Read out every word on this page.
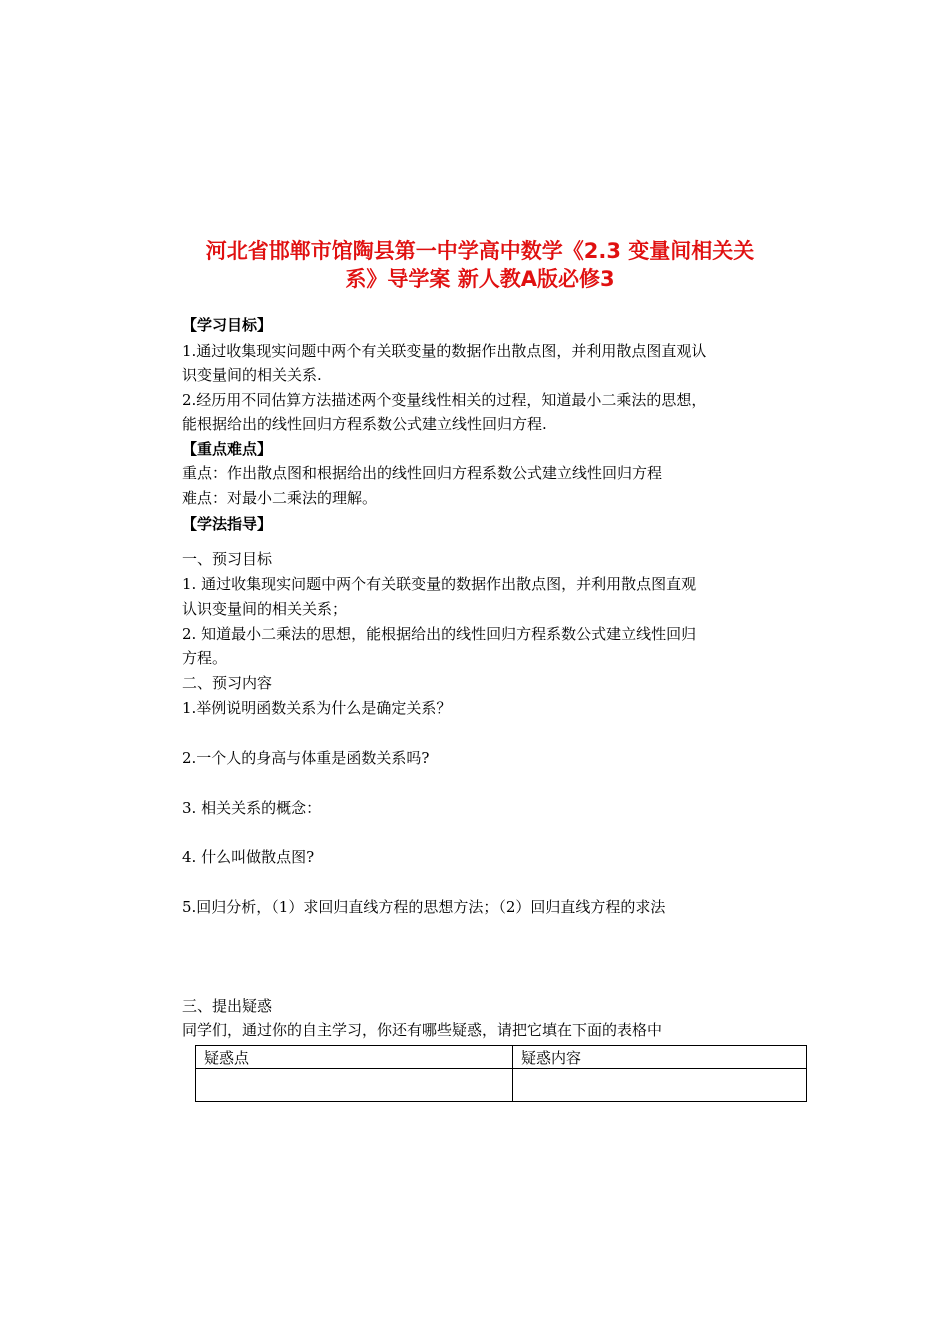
河北省邯郸市馆陶县第一中学高中数学《2.3 变量间相关关
系》导学案 新人教A版必修3
【学习目标】
1.通过收集现实问题中两个有关联变量的数据作出散点图，并利用散点图直观认
识变量间的相关关系.
2.经历用不同估算方法描述两个变量线性相关的过程，知道最小二乘法的思想，
能根据给出的线性回归方程系数公式建立线性回归方程.
【重点难点】
重点：作出散点图和根据给出的线性回归方程系数公式建立线性回归方程
难点：对最小二乘法的理解。
【学法指导】
一、预习目标
1. 通过收集现实问题中两个有关联变量的数据作出散点图，并利用散点图直观
认识变量间的相关关系；
2. 知道最小二乘法的思想，能根据给出的线性回归方程系数公式建立线性回归
方程。
二、预习内容
1.举例说明函数关系为什么是确定关系？
2.一个人的身高与体重是函数关系吗?
3. 相关关系的概念：
4. 什么叫做散点图?
5.回归分析，（1）求回归直线方程的思想方法；（2）回归直线方程的求法
三、提出疑惑
同学们，通过你的自主学习，你还有哪些疑惑，请把它填在下面的表格中
疑惑点	疑惑内容
